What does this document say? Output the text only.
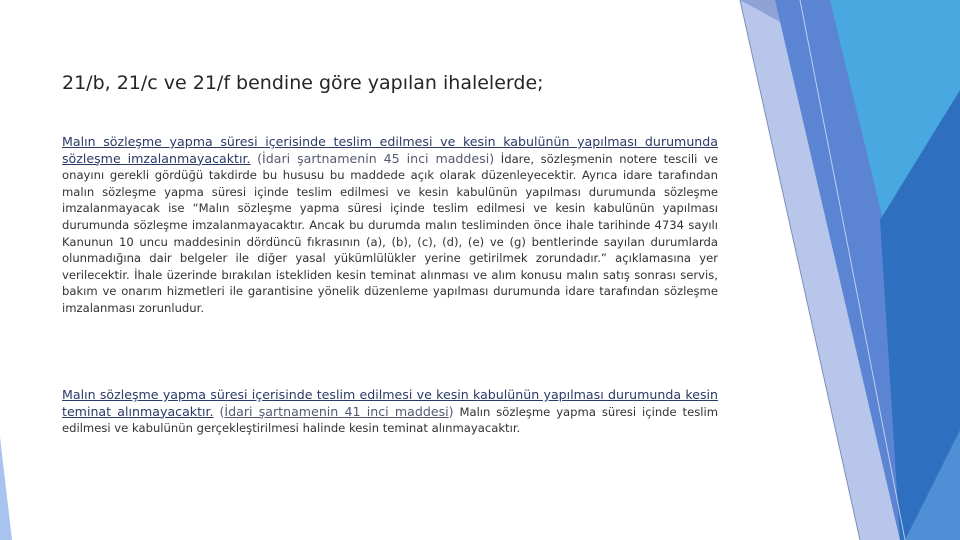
21/b, 21/c ve 21/f bendine göre yapılan ihalelerde;
Malın sözleşme yapma süresi içerisinde teslim edilmesi ve kesin kabulünün yapılması durumunda sözleşme imzalanmayacaktır. (İdari şartnamenin 45 inci maddesi) İdare, sözleşmenin notere tescili ve onayını gerekli gördüğü takdirde bu hususu bu maddede açık olarak düzenleyecektir. Ayrıca idare tarafından malın sözleşme yapma süresi içinde teslim edilmesi ve kesin kabulünün yapılması durumunda sözleşme imzalanmayacak ise “Malın sözleşme yapma süresi içinde teslim edilmesi ve kesin kabulünün yapılması durumunda sözleşme imzalanmayacaktır. Ancak bu durumda malın tesliminden önce ihale tarihinde 4734 sayılı Kanunun 10 uncu maddesinin dördüncü fıkrasının (a), (b), (c), (d), (e) ve (g) bentlerinde sayılan durumlarda olunmadığına dair belgeler ile diğer yasal yükümlülükler yerine getirilmek zorundadır.” açıklamasına yer verilecektir. İhale üzerinde bırakılan istekliden kesin teminat alınması ve alım konusu malın satış sonrası servis, bakım ve onarım hizmetleri ile garantisine yönelik düzenleme yapılması durumunda idare tarafından sözleşme imzalanması zorunludur.
Malın sözleşme yapma süresi içerisinde teslim edilmesi ve kesin kabulünün yapılması durumunda kesin teminat alınmayacaktır. (İdari şartnamenin 41 inci maddesi) Malın sözleşme yapma süresi içinde teslim edilmesi ve kabulünün gerçekleştirilmesi halinde kesin teminat alınmayacaktır.
